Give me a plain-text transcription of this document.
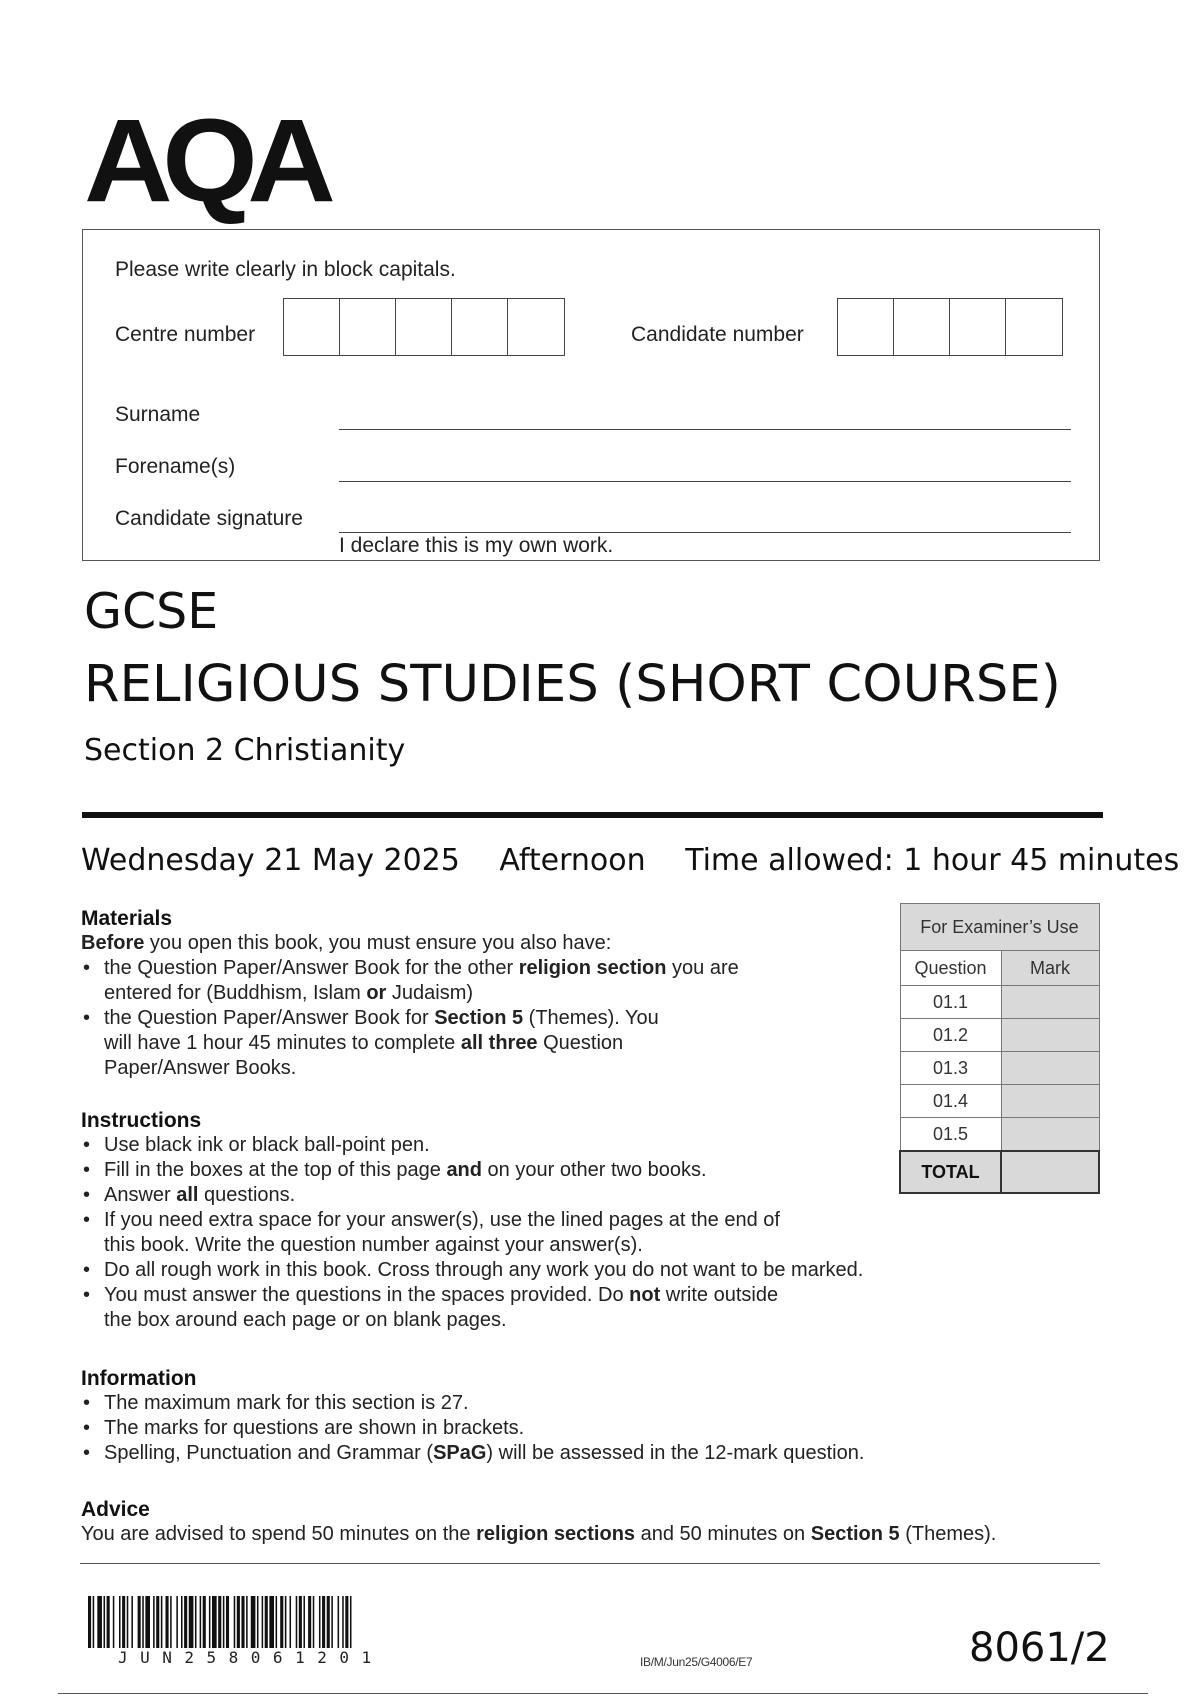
AQA
Please write clearly in block capitals.
Centre number	Candidate number
Surname
Forename(s)
Candidate signature
I declare this is my own work.
GCSE
RELIGIOUS STUDIES (SHORT COURSE)
Section 2 Christianity
Wednesday 21 May 2025 Afternoon Time allowed: 1 hour 45 minutes
Materials

Before you open this book, you must ensure you also have:

• the Question Paper/Answer Book for the other religion section you are entered for (Buddhism, Islam or Judaism)
• the Question Paper/Answer Book for Section 5 (Themes). You will have 1 hour 45 minutes to complete all three Question Paper/Answer Books.
Instructions
• Use black ink or black ball-point pen.
• Fill in the boxes at the top of this page and on your other two books.
• Answer all questions.
• If you need extra space for your answer(s), use the lined pages at the end of this book. Write the question number against your answer(s).
• Do all rough work in this book. Cross through any work you do not want to be marked.
• You must answer the questions in the spaces provided. Do not write outside the box around each page or on blank pages.
Information
• The maximum mark for this section is 27.
• The marks for questions are shown in brackets.
• Spelling, Punctuation and Grammar (SPaG) will be assessed in the 12-mark question.
Advice

You are advised to spend 50 minutes on the religion sections and 50 minutes on Section 5 (Themes).

For Examiner’s Use	
Question	Mark
01.1	
01.2	
01.3	
01.4	
01.5	
TOTAL	
JUN258061201	IB/M/Jun25/G4006/E7	8061/2
